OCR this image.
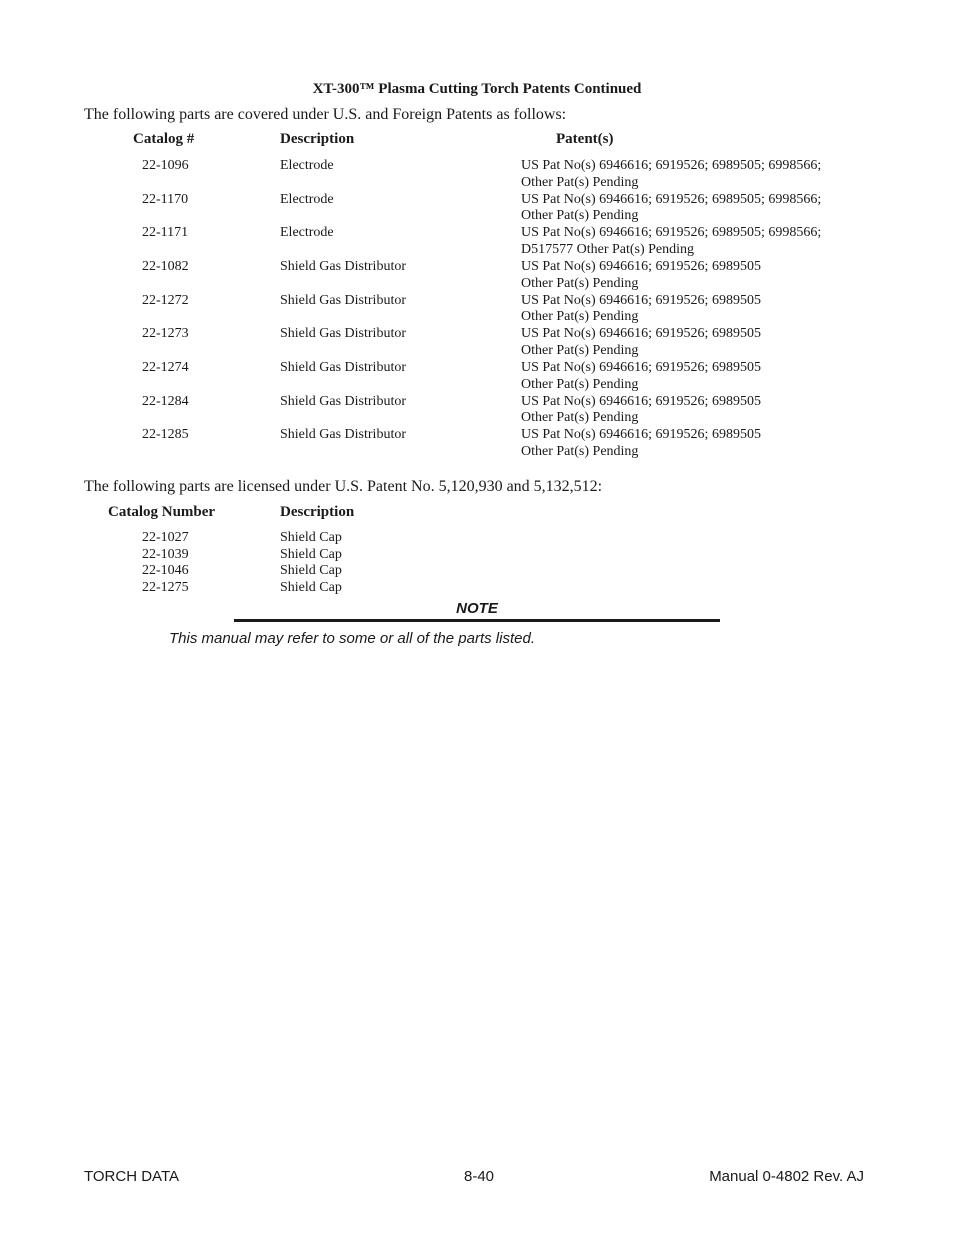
XT-300™ Plasma Cutting Torch Patents Continued
The following parts are covered under U.S. and Foreign Patents as follows:
Catalog #	Description	Patent(s)
22-1096	Electrode	US Pat No(s) 6946616; 6919526; 6989505; 6998566;
Other Pat(s) Pending
22-1170	Electrode	US Pat No(s) 6946616; 6919526; 6989505; 6998566;
Other Pat(s) Pending
22-1171	Electrode	US Pat No(s) 6946616; 6919526; 6989505; 6998566;
D517577 Other Pat(s) Pending
22-1082	Shield Gas Distributor	US Pat No(s) 6946616; 6919526; 6989505
Other Pat(s) Pending
22-1272	Shield Gas Distributor	US Pat No(s) 6946616; 6919526; 6989505
Other Pat(s) Pending
22-1273	Shield Gas Distributor	US Pat No(s) 6946616; 6919526; 6989505
Other Pat(s) Pending
22-1274	Shield Gas Distributor	US Pat No(s) 6946616; 6919526; 6989505
Other Pat(s) Pending
22-1284	Shield Gas Distributor	US Pat No(s) 6946616; 6919526; 6989505
Other Pat(s) Pending
22-1285	Shield Gas Distributor	US Pat No(s) 6946616; 6919526; 6989505
Other Pat(s) Pending
The following parts are licensed under U.S. Patent No. 5,120,930 and 5,132,512:
Catalog Number	Description
22-1027	Shield Cap
22-1039	Shield Cap
22-1046	Shield Cap
22-1275	Shield Cap
NOTE
This manual may refer to some or all of the parts listed.
TORCH DATA	8-40	Manual 0-4802 Rev. AJ
